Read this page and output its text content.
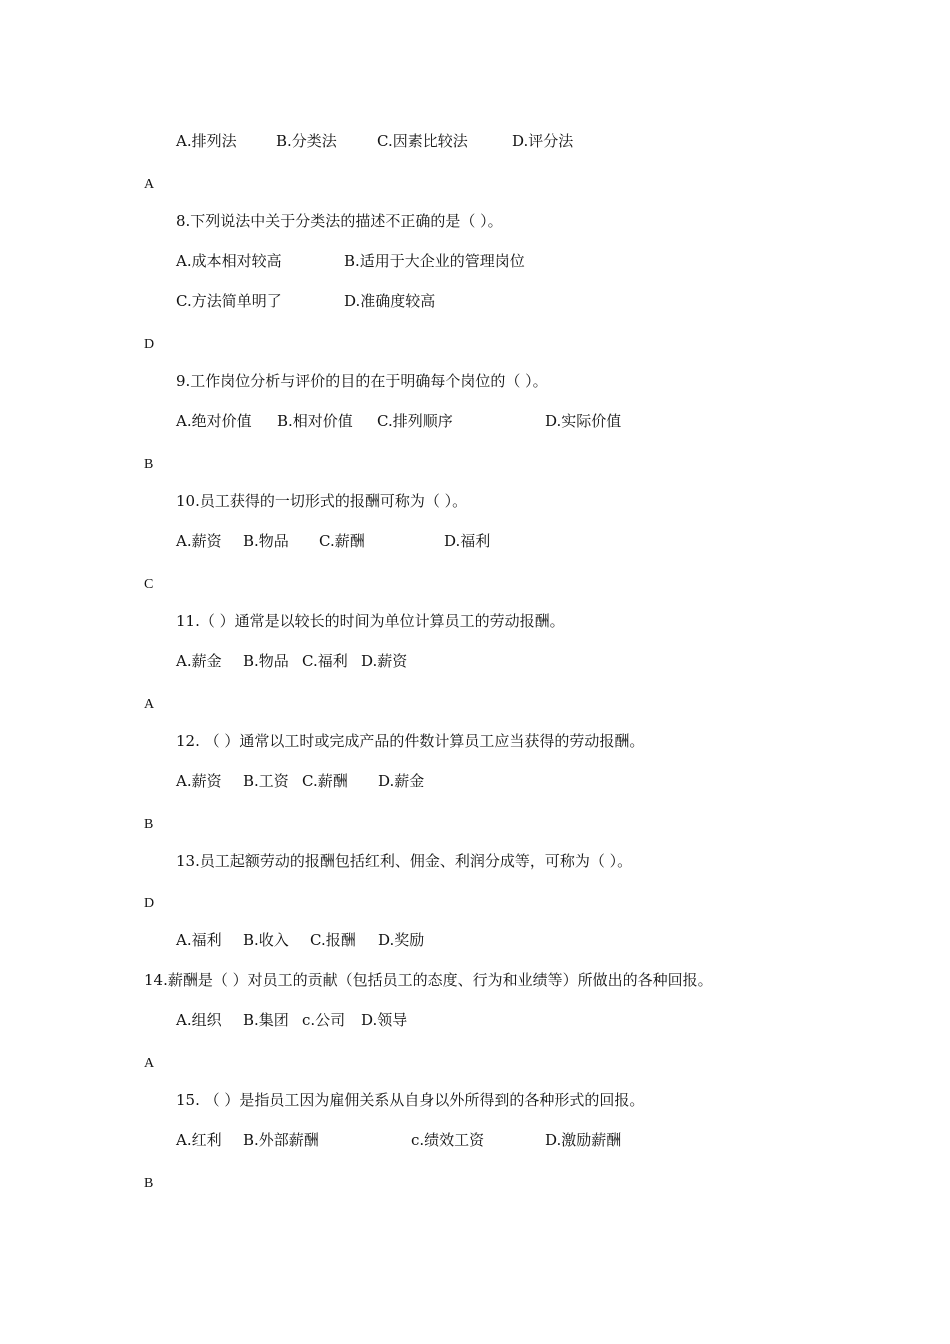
A.排列法	B.分类法	C.因素比较法	D.评分法
A
8.下列说法中关于分类法的描述不正确的是（ ）。
A.成本相对较高	B.适用于大企业的管理岗位
C.方法简单明了	D.准确度较高
D
9.工作岗位分析与评价的目的在于明确每个岗位的（ ）。
A.绝对价值 B.相对价值 C.排列顺序	D.实际价值
B
10.员工获得的一切形式的报酬可称为（ ）。
A.薪资 B.物品 C.薪酬	D.福利
C
11.（ ）通常是以较长的时间为单位计算员工的劳动报酬。
A.薪金 B.物品 C.福利 D.薪资
A
12. （ ）通常以工时或完成产品的件数计算员工应当获得的劳动报酬。
A.薪资 B.工资 C.薪酬 D.薪金
B
13.员工起额劳动的报酬包括红利、佣金、利润分成等，可称为（ ）。
D
A.福利 B.收入 C.报酬 D.奖励
14.薪酬是（ ）对员工的贡献（包括员工的态度、行为和业绩等）所做出的各种回报。
A.组织 B.集团 c.公司 D.领导
A
15. （ ）是指员工因为雇佣关系从自身以外所得到的各种形式的回报。
A.红利 B.外部薪酬	c.绩效工资	D.激励薪酬
B
